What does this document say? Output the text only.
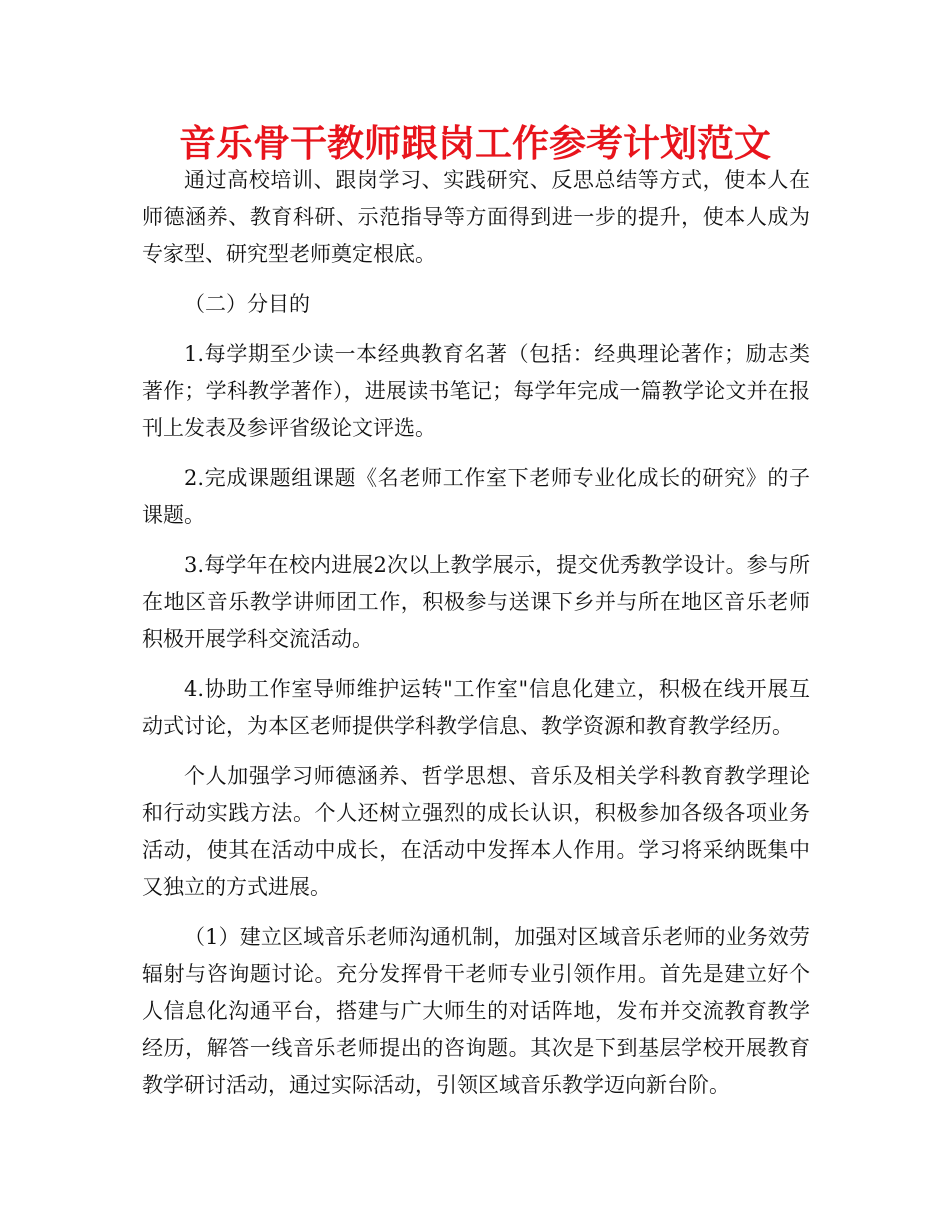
音乐骨干教师跟岗工作参考计划范文

通过高校培训、跟岗学习、实践研究、反思总结等方式，使本人在师德涵养、教育科研、示范指导等方面得到进一步的提升，使本人成为专家型、研究型老师奠定根底。

（二）分目的

1.每学期至少读一本经典教育名著（包括：经典理论著作；励志类著作；学科教学著作），进展读书笔记；每学年完成一篇教学论文并在报刊上发表及参评省级论文评选。

2.完成课题组课题《名老师工作室下老师专业化成长的研究》的子课题。

3.每学年在校内进展2次以上教学展示，提交优秀教学设计。参与所在地区音乐教学讲师团工作，积极参与送课下乡并与所在地区音乐老师积极开展学科交流活动。

4.协助工作室导师维护运转"工作室"信息化建立，积极在线开展互动式讨论，为本区老师提供学科教学信息、教学资源和教育教学经历。

个人加强学习师德涵养、哲学思想、音乐及相关学科教育教学理论和行动实践方法。个人还树立强烈的成长认识，积极参加各级各项业务活动，使其在活动中成长，在活动中发挥本人作用。学习将采纳既集中又独立的方式进展。

（1）建立区域音乐老师沟通机制，加强对区域音乐老师的业务效劳辐射与咨询题讨论。充分发挥骨干老师专业引领作用。首先是建立好个人信息化沟通平台，搭建与广大师生的对话阵地，发布并交流教育教学经历，解答一线音乐老师提出的咨询题。其次是下到基层学校开展教育教学研讨活动，通过实际活动，引领区域音乐教学迈向新台阶。
